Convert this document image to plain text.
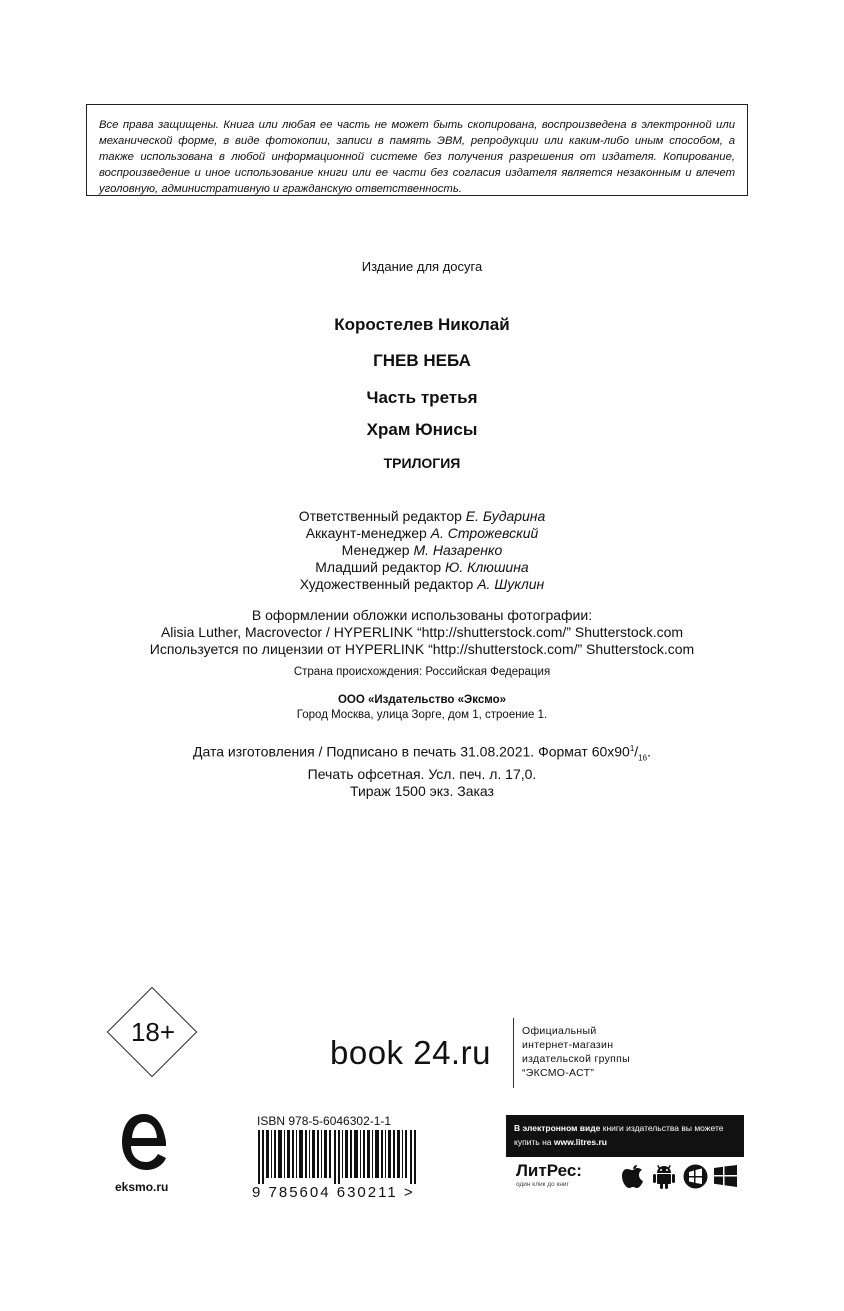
Все права защищены. Книга или любая ее часть не может быть скопирована, воспроизведена в электронной или механической форме, в виде фотокопии, записи в память ЭВМ, репродукции или каким-либо иным способом, а также использована в любой информационной системе без получения разрешения от издателя. Копирование, воспроизведение и иное использование книги или ее части без согласия издателя является незаконным и влечет уголовную, административную и гражданскую ответственность.
Издание для досуга
Коростелев Николай
ГНЕВ НЕБА
Часть третья
Храм Юнисы
ТРИЛОГИЯ
Ответственный редактор Е. Бударина
Аккаунт-менеджер А. Строжевский
Менеджер М. Назаренко
Младший редактор Ю. Клюшина
Художественный редактор А. Шуклин
В оформлении обложки использованы фотографии:
Alisia Luther, Macrovector / HYPERLINK “http://shutterstock.com/” Shutterstock.com
Используется по лицензии от HYPERLINK “http://shutterstock.com/” Shutterstock.com
Страна происхождения: Российская Федерация
ООО «Издательство «Эксмо»
Город Москва, улица Зорге, дом 1, строение 1.
Дата изготовления / Подписано в печать 31.08.2021. Формат $60х90^1/_{16}$.
Печать офсетная. Усл. печ. л. 17,0.
Тираж 1500 экз. Заказ
18+
book 24.ru
Официальный
интернет-магазин
издательской группы
“ЭКСМО-АСТ”
eksmo.ru
ISBN 978-5-6046302-1-1
9 785604 630211 >
В электронном виде книги издательства вы можете
купить на www.litres.ru
ЛитРес:
один клик до книг
